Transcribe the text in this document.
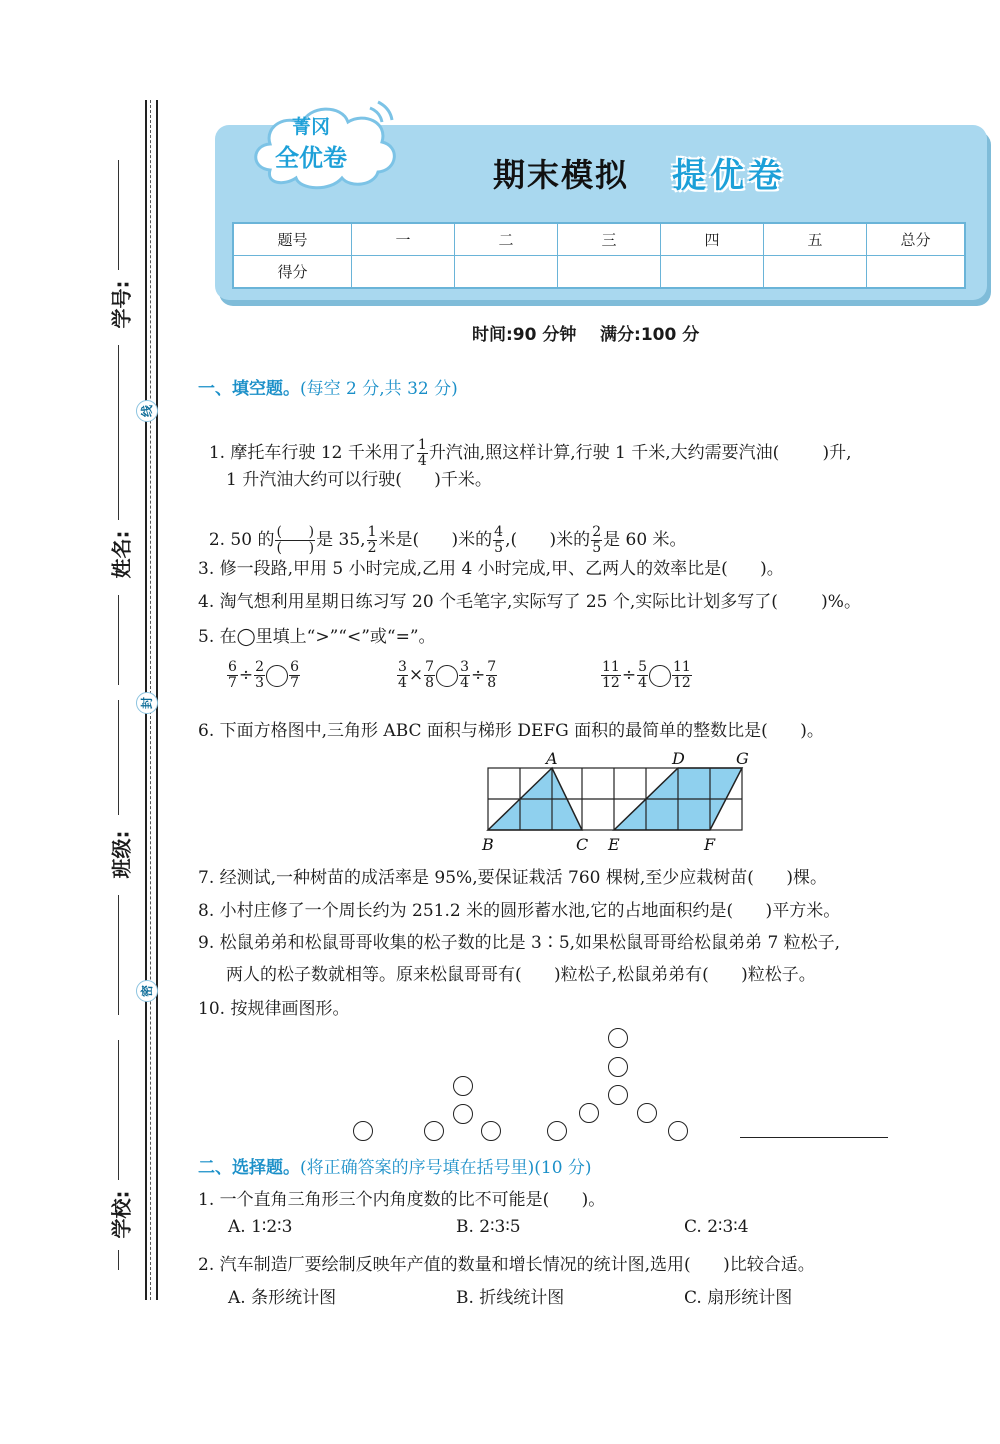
学号:
姓名:
班级:
学校:
线
封
密
菁冈
全优卷	期末模拟 提优卷
题号	一	二	三	四	五	总分
得分						
时间:90 分钟    满分:100 分
一、填空题。(每空 2 分,共 32 分)

1. 摩托车行驶 12 千米用了 $\frac{1}{4}$ 升汽油,照这样计算,行驶 1 千米,大约需要汽油(        )升,

1 升汽油大约可以行驶(      )千米。

2. 50 的 $\frac{( )}{( )}$ 是 35, $\frac{1}{2}$ 米是(      )米的 $\frac{4}{5}$ ,(      )米的 $\frac{2}{5}$ 是 60 米。

3. 修一段路,甲用 5 小时完成,乙用 4 小时完成,甲、乙两人的效率比是(      )。
4. 淘气想利用星期日练习写 20 个毛笔字,实际写了 25 个,实际比计划多写了(        )%。
5. 在◯里填上“>”“<”或“=”。
$\frac{6}{7} \div \frac{2}{3} \frac{6}{7}$	$\frac{3}{4} \times \frac{7}{8} \frac{3}{4} \div \frac{7}{8}$	$\frac{11}{12} \div \frac{5}{4} \frac{11}{12}$
6. 下面方格图中,三角形 ABC 面积与梯形 DEFG 面积的最简单的整数比是(      )。
A	D	G
B	C E	F
7. 经测试,一种树苗的成活率是 95%,要保证栽活 760 棵树,至少应栽树苗(      )棵。
8. 小村庄修了一个周长约为 251.2 米的圆形蓄水池,它的占地面积约是(      )平方米。
9. 松鼠弟弟和松鼠哥哥收集的松子数的比是 3∶5,如果松鼠哥哥给松鼠弟弟 7 粒松子,
两人的松子数就相等。原来松鼠哥哥有(      )粒松子,松鼠弟弟有(      )粒松子。
10. 按规律画图形。
二、选择题。(将正确答案的序号填在括号里)(10 分)
1. 一个直角三角形三个内角度数的比不可能是(      )。
A. 1∶2∶3	B. 2∶3∶5	C. 2∶3∶4
2. 汽车制造厂要绘制反映年产值的数量和增长情况的统计图,选用(      )比较合适。
A. 条形统计图	B. 折线统计图	C. 扇形统计图
